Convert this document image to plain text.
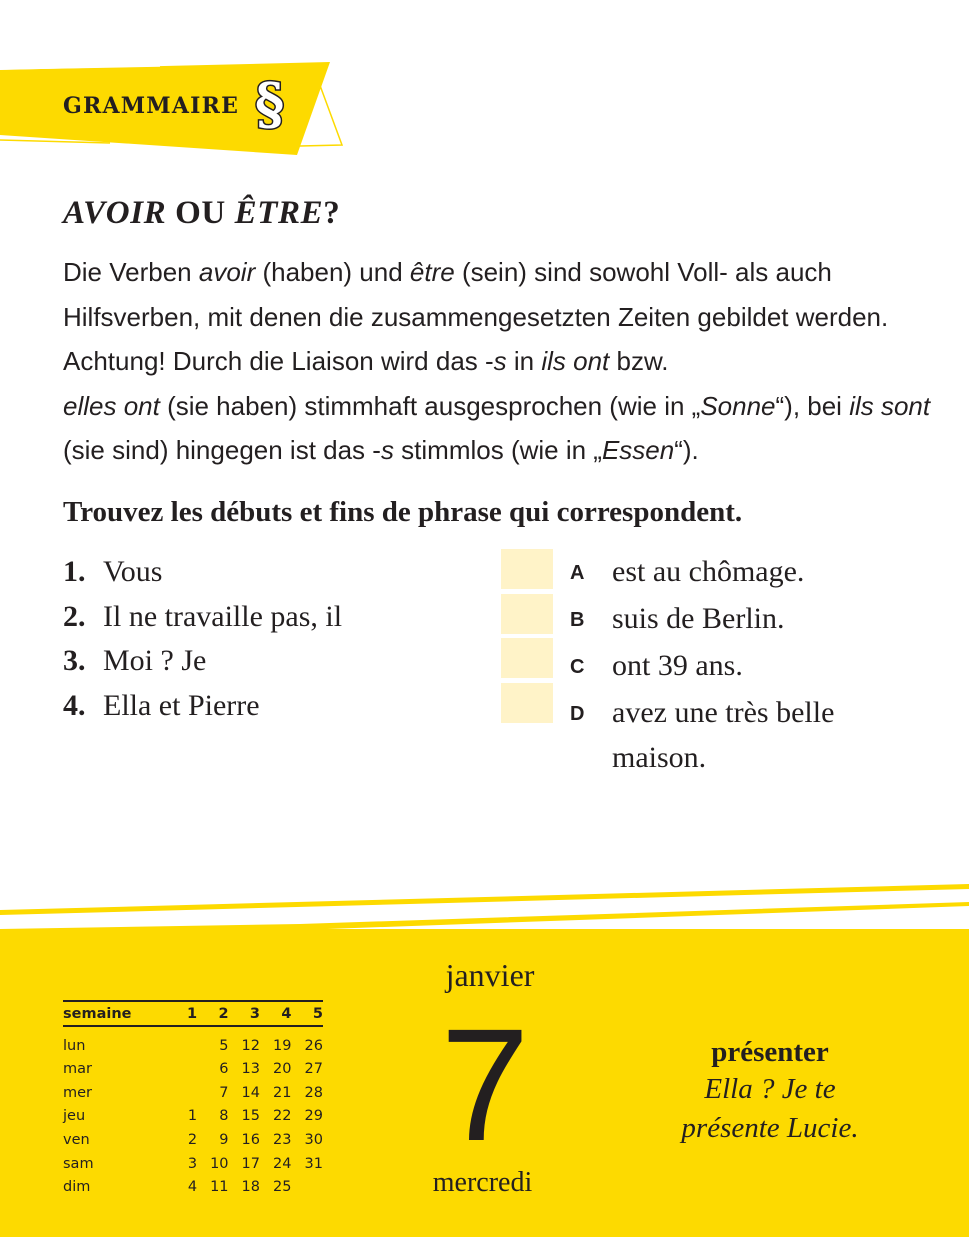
GRAMMAIRE §
AVOIR OU ÊTRE?

Die Verben avoir (haben) und être (sein) sind sowohl Voll- als auch Hilfsverben, mit denen die zusammengesetzten Zeiten gebildet werden. Achtung! Durch die Liaison wird das -s in ils ont bzw.
elles ont (sie haben) stimmhaft ausgesprochen (wie in „Sonne“), bei ils sont (sie sind) hingegen ist das -s stimmlos (wie in „Essen“).

Trouvez les débuts et fins de phrase qui correspondent.
1. Vous
2. Il ne travaille pas, il
3. Moi ? Je
4. Ella et Pierre
A est au chômage.
B suis de Berlin.
C ont 39 ans.
D avez une très belle maison.
semaine	1	2	3	4	5
lun		5	12	19	26
mar		6	13	20	27
mer		7	14	21	28
jeu	1	8	15	22	29
ven	2	9	16	23	30
sam	3	10	17	24	31
dim	4	11	18	25	
janvier
7
mercredi
présenter
Ella ? Je te
présente Lucie.
